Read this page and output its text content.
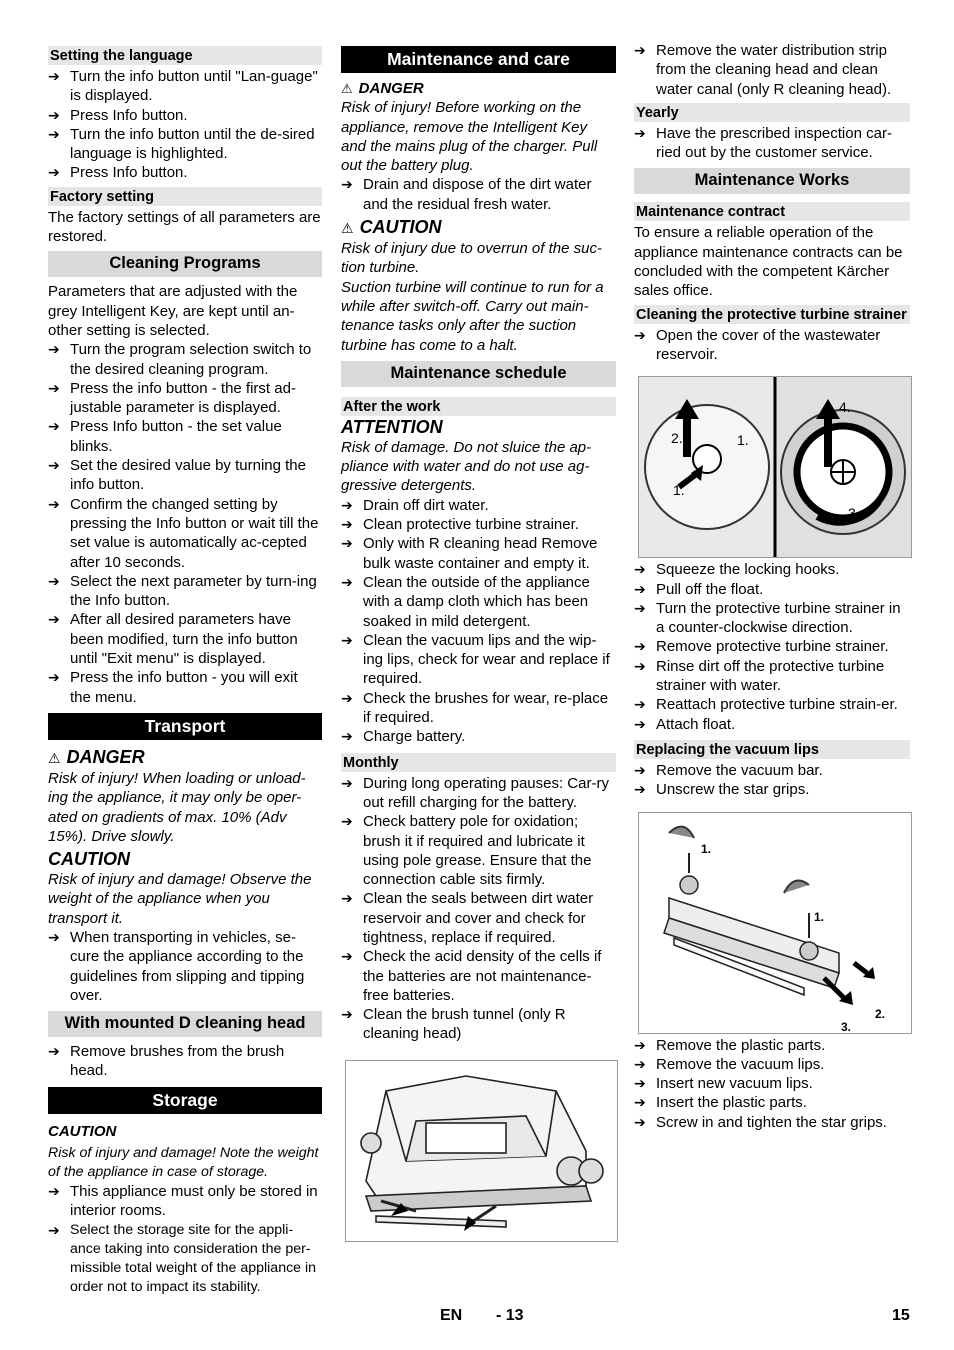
Setting the language
➔ Turn the info button until "Lan-guage" is displayed.
➔ Press Info button.
➔ Turn the info button until the de-sired language is highlighted.
➔ Press Info button.
Factory setting

The factory settings of all parameters are restored.

Cleaning Programs

Parameters that are adjusted with the grey Intelligent Key, are kept until an-other setting is selected.

➔ Turn the program selection switch to the desired cleaning program.
➔ Press the info button - the first ad-justable parameter is displayed.
➔ Press Info button - the set value blinks.
➔ Set the desired value by turning the info button.
➔ Confirm the changed setting by pressing the Info button or wait till the set value is automatically ac-cepted after 10 seconds.
➔ Select the next parameter by turn-ing the Info button.
➔ After all desired parameters have been modified, turn the info button until "Exit menu" is displayed.
➔ Press the info button - you will exit the menu.
Transport
⚠ DANGER

Risk of injury! When loading or unload-ing the appliance, it may only be oper-ated on gradients of max. 10% (Adv 15%). Drive slowly.

CAUTION

Risk of injury and damage! Observe the weight of the appliance when you transport it.

➔ When transporting in vehicles, se-cure the appliance according to the guidelines from slipping and tipping over.
With mounted D cleaning head
➔ Remove brushes from the brush head.
Storage
CAUTION

Risk of injury and damage! Note the weight of the appliance in case of storage.

➔ This appliance must only be stored in interior rooms.
➔ Select the storage site for the appli-ance taking into consideration the per-missible total weight of the appliance in order not to impact its stability.
Maintenance and care
⚠ DANGER

Risk of injury! Before working on the appliance, remove the Intelligent Key and the mains plug of the charger. Pull out the battery plug.

➔ Drain and dispose of the dirt water and the residual fresh water.
⚠ CAUTION

Risk of injury due to overrun of the suc-tion turbine.

Suction turbine will continue to run for a while after switch-off. Carry out main-tenance tasks only after the suction turbine has come to a halt.

Maintenance schedule
After the work
ATTENTION

Risk of damage. Do not sluice the ap-pliance with water and do not use ag-gressive detergents.

➔ Drain off dirt water.
➔ Clean protective turbine strainer.
➔ Only with R cleaning head Remove bulk waste container and empty it.
➔ Clean the outside of the appliance with a damp cloth which has been soaked in mild detergent.
➔ Clean the vacuum lips and the wip-ing lips, check for wear and replace if required.
➔ Check the brushes for wear, re-place if required.
➔ Charge battery.
Monthly
➔ During long operating pauses: Car-ry out refill charging for the battery.
➔ Check battery pole for oxidation; brush it if required and lubricate it using pole grease. Ensure that the connection cable sits firmly.
➔ Clean the seals between dirt water reservoir and cover and check for tightness, replace if required.
➔ Check the acid density of the cells if the batteries are not maintenance-free batteries.
➔ Clean the brush tunnel (only R cleaning head)
➔ Remove the water distribution strip from the cleaning head and clean water canal (only R cleaning head).
Yearly
➔ Have the prescribed inspection car-ried out by the customer service.
Maintenance Works
Maintenance contract

To ensure a reliable operation of the appliance maintenance contracts can be concluded with the competent Kärcher sales office.

Cleaning the protective turbine strainer
➔ Open the cover of the wastewater reservoir.
2.	1.
1.
4.
3.
➔ Squeeze the locking hooks.
➔ Pull off the float.
➔ Turn the protective turbine strainer in a counter-clockwise direction.
➔ Remove protective turbine strainer.
➔ Rinse dirt off the protective turbine strainer with water.
➔ Reattach protective turbine strain-er.
➔ Attach float.
Replacing the vacuum lips
➔ Remove the vacuum bar.
➔ Unscrew the star grips.
1.
1.
2.
3.
➔ Remove the plastic parts.
➔ Remove the vacuum lips.
➔ Insert new vacuum lips.
➔ Insert the plastic parts.
➔ Screw in and tighten the star grips.
EN - 13	15
